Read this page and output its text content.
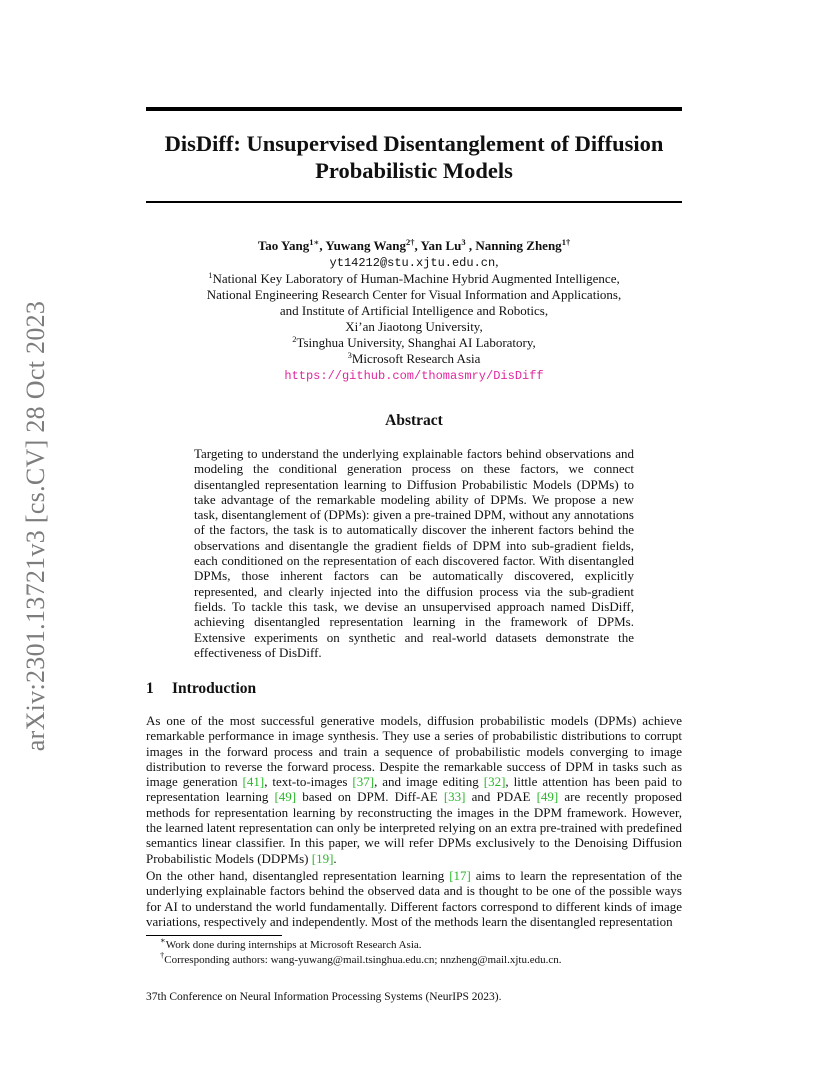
arXiv:2301.13721v3 [cs.CV] 28 Oct 2023
DisDiff: Unsupervised Disentanglement of Diffusion
Probabilistic Models
Tao Yang$^{1∗}$, Yuwang Wang$^{2\dagger}$, Yan Lu$^3$ , Nanning Zheng$^{1\dagger}$
yt14212@stu.xjtu.edu.cn,
$^1$National Key Laboratory of Human-Machine Hybrid Augmented Intelligence,
National Engineering Research Center for Visual Information and Applications,
and Institute of Artificial Intelligence and Robotics,
Xi’an Jiaotong University,
$^2$Tsinghua University, Shanghai AI Laboratory,
$^3$Microsoft Research Asia
https://github.com/thomasmry/DisDiff
Abstract
Targeting to understand the underlying explainable factors behind observations and modeling the conditional generation process on these factors, we connect disentangled representation learning to Diffusion Probabilistic Models (DPMs) to take advantage of the remarkable modeling ability of DPMs. We propose a new task, disentanglement of (DPMs): given a pre-trained DPM, without any annotations of the factors, the task is to automatically discover the inherent factors behind the observations and disentangle the gradient fields of DPM into sub-gradient fields, each conditioned on the representation of each discovered factor. With disentangled DPMs, those inherent factors can be automatically discovered, explicitly represented, and clearly injected into the diffusion process via the sub-gradient fields. To tackle this task, we devise an unsupervised approach named DisDiff, achieving disentangled representation learning in the framework of DPMs. Extensive experiments on synthetic and real-world datasets demonstrate the effectiveness of DisDiff.
1 Introduction
As one of the most successful generative models, diffusion probabilistic models (DPMs) achieve remarkable performance in image synthesis. They use a series of probabilistic distributions to corrupt images in the forward process and train a sequence of probabilistic models converging to image distribution to reverse the forward process. Despite the remarkable success of DPM in tasks such as image generation [41], text-to-images [37], and image editing [32], little attention has been paid to representation learning [49] based on DPM. Diff-AE [33] and PDAE [49] are recently proposed methods for representation learning by reconstructing the images in the DPM framework. However, the learned latent representation can only be interpreted relying on an extra pre-trained with predefined semantics linear classifier. In this paper, we will refer DPMs exclusively to the Denoising Diffusion Probabilistic Models (DDPMs) [19].
On the other hand, disentangled representation learning [17] aims to learn the representation of the underlying explainable factors behind the observed data and is thought to be one of the possible ways for AI to understand the world fundamentally. Different factors correspond to different kinds of image variations, respectively and independently. Most of the methods learn the disentangled representation
∗Work done during internships at Microsoft Research Asia.
†Corresponding authors: wang-yuwang@mail.tsinghua.edu.cn; nnzheng@mail.xjtu.edu.cn.
37th Conference on Neural Information Processing Systems (NeurIPS 2023).
